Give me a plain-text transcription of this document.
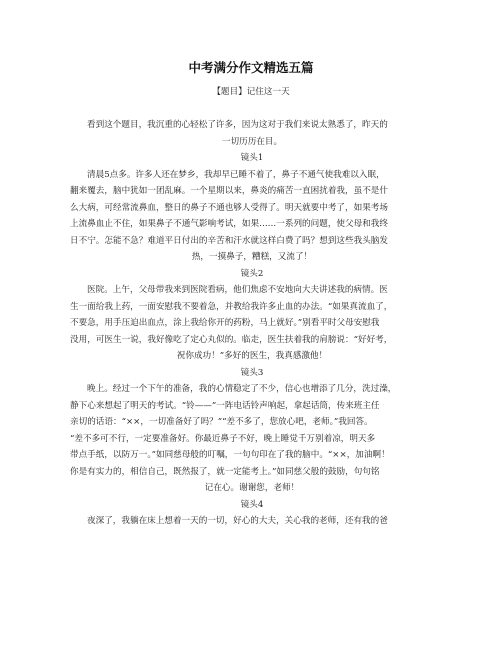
中考满分作文精选五篇
【题目】记住这一天
看到这个题目，我沉重的心轻松了许多，因为这对于我们来说太熟悉了，昨天的
一切历历在目。
镜头1
清晨5点多。许多人还在梦乡，我却早已睡不着了，鼻子不通气使我难以入眠，
翻来覆去，脑中犹如一团乱麻。一个星期以来，鼻炎的痛苦一直困扰着我，虽不是什
么大病，可经常流鼻血，整日的鼻子不通也够人受得了。明天就要中考了，如果考场
上流鼻血止不住，如果鼻子不通气影响考试，如果……一系列的问题，使父母和我终
日不宁。怎能不急？难道平日付出的辛苦和汗水就这样白费了吗？想到这些我头脑发
热，一摸鼻子，糟糕，又流了！
镜头2
医院。上午，父母带我来到医院看病，他们焦虑不安地向大夫讲述我的病情。医
生一面给我上药，一面安慰我不要着急，并教给我许多止血的办法。“如果真流血了，
不要急，用手压迫出血点，涂上我给你开的药粉，马上就好。”别看平时父母安慰我
没用，可医生一说，我好像吃了定心丸似的。临走，医生扶着我的肩膀说：“好好考，
祝你成功！”多好的医生，我真感激他！
镜头3
晚上。经过一个下午的准备，我的心情稳定了不少，信心也增添了几分，洗过澡，
静下心来想起了明天的考试。“铃——”一阵电话铃声响起，拿起话筒，传来班主任
亲切的话语：“××，一切准备好了吗？”“差不多了，您放心吧，老师。”我回答。
“差不多可不行，一定要准备好。你最近鼻子不好，晚上睡觉千万别着凉，明天多
带点手纸，以防万一。”如同慈母般的叮嘱，一句句印在了我的脑中。“××，加油啊！
你是有实力的，相信自己，既然报了，就一定能考上。”如同慈父般的鼓励，句句铭
记在心。谢谢您，老师！
镜头4
夜深了，我躺在床上想着一天的一切，好心的大夫，关心我的老师，还有我的爸
